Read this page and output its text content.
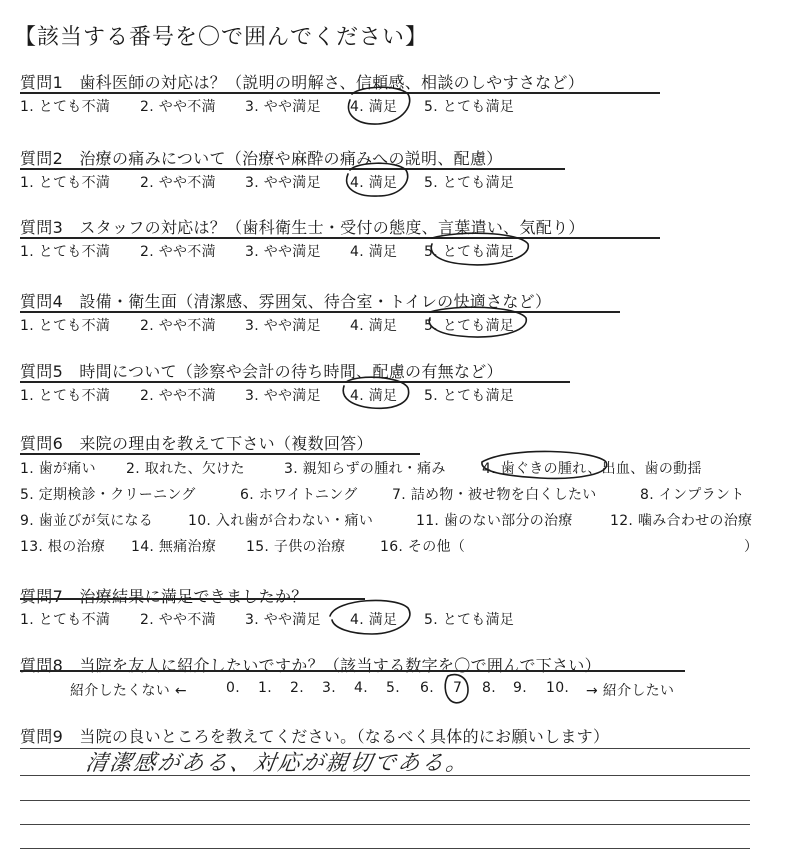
【該当する番号を〇で囲んでください】
質問1　歯科医師の対応は？（説明の明解さ、信頼感、相談のしやすさなど）
1. とても不満 2. やや不満 3. やや満足 4. 満足 5. とても満足
質問2　治療の痛みについて（治療や麻酔の痛みへの説明、配慮）
1. とても不満 2. やや不満 3. やや満足 4. 満足 5. とても満足
質問3　スタッフの対応は？（歯科衛生士・受付の態度、言葉遣い、気配り）
1. とても不満 2. やや不満 3. やや満足 4. 満足 5. とても満足
質問4　設備・衛生面（清潔感、雰囲気、待合室・トイレの快適さなど）
1. とても不満 2. やや不満 3. やや満足 4. 満足 5. とても満足
質問5　時間について（診察や会計の待ち時間、配慮の有無など）
1. とても不満 2. やや不満 3. やや満足 4. 満足 5. とても満足
質問6　来院の理由を教えて下さい（複数回答）
1. 歯が痛い 2. 取れた、欠けた	3. 親知らずの腫れ・痛み	4. 歯ぐきの腫れ、出血、歯の動揺
5. 定期検診・クリーニング	6. ホワイトニング 7. 詰め物・被せ物を白くしたい	8. インプラント
9. 歯並びが気になる 10. 入れ歯が合わない・痛い	11. 歯のない部分の治療	12. 噛み合わせの治療
13. 根の治療 14. 無痛治療 15. 子供の治療 16. その他（	）
質問7　治療結果に満足できましたか？
1. とても不満 2. やや不満 3. やや満足 4. 満足 5. とても満足
質問8　当院を友人に紹介したいですか？（該当する数字を〇で囲んで下さい）
紹介したくない ←	0. 1. 2. 3. 4. 5. 6. 7 8. 9. 10. → 紹介したい
質問9　当院の良いところを教えてください。（なるべく具体的にお願いします）
清潔感がある、対応が親切である。
